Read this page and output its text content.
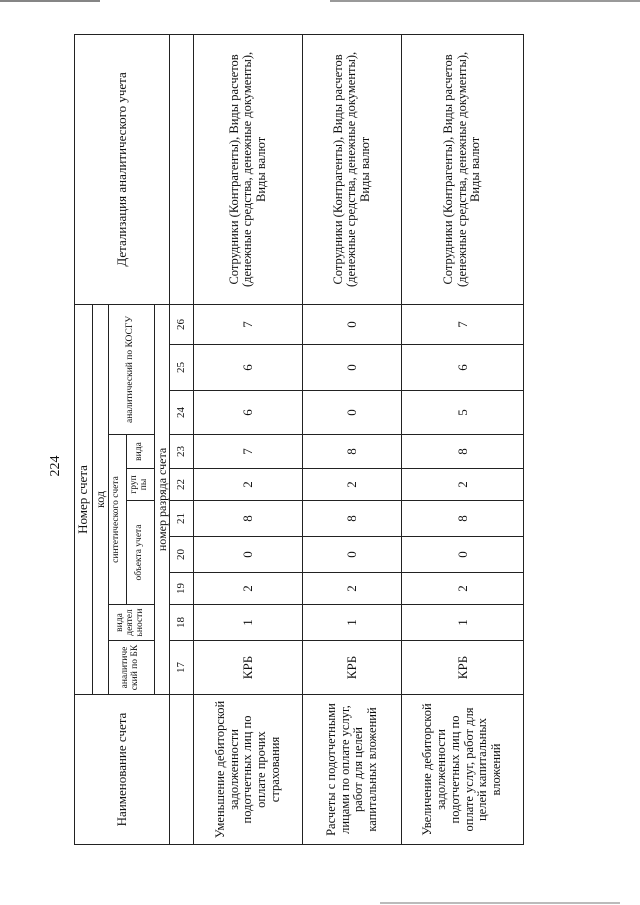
224
Наименование счета	Номер счета										Детализация аналитического учета
	код										
	аналитиче ский по БК	вида деятел ьности	синтетического счета					аналитический по КОСГУ			
			объекта учета			груп пы	вида				

	номер разряда счета										
	17	18	19	20	21	22	23	24	25	26	
Уменьшение дебиторской задолженности подотчетных лиц по оплате прочих страхования	КРБ	1	2	0	8	2	7	6	6	7	Сотрудники (Контрагенты), Виды расчетов (денежные средства, денежные документы), Виды валют
Расчеты с подотчетными лицами по оплате услуг, работ для целей капитальных вложений	КРБ	1	2	0	8	2	8	0	0	0	Сотрудники (Контрагенты), Виды расчетов (денежные средства, денежные документы), Виды валют
Увеличение дебиторской задолженности подотчетных лиц по оплате услуг, работ для целей капитальных вложений	КРБ	1	2	0	8	2	8	5	6	7	Сотрудники (Контрагенты), Виды расчетов (денежные средства, денежные документы), Виды валют
